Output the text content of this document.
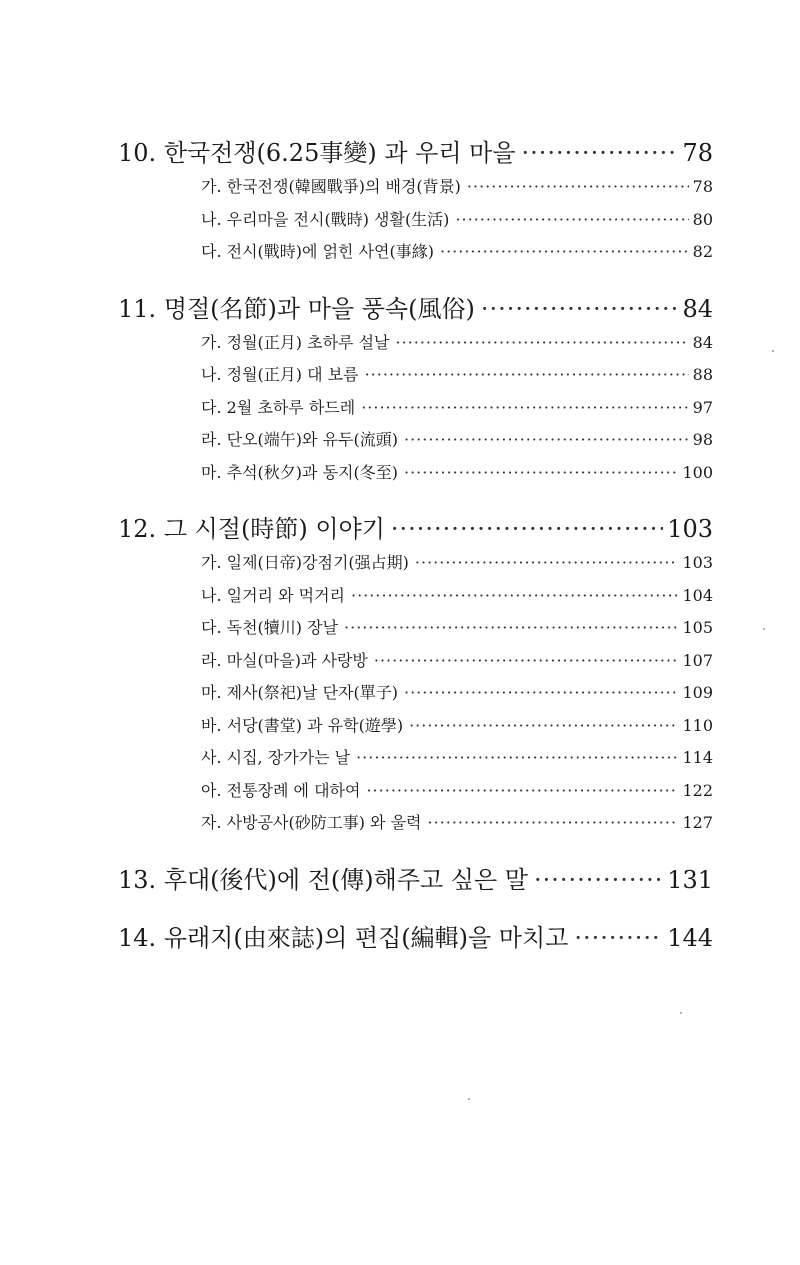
10. 한국전쟁(6.25事變) 과 우리 마을 ·····	78
가. 한국전쟁(韓國戰爭)의 배경(背景) ·····	78
나. 우리마을 전시(戰時) 생활(生活) ·····	80
다. 전시(戰時)에 얽힌 사연(事緣) ·····	82
11. 명절(名節)과 마을 풍속(風俗) ·····	84
가. 정월(正月) 초하루 설날 ·····	84
나. 정월(正月) 대 보름 ·····	88
다. 2월 초하루 하드레 ·····	97
라. 단오(端午)와 유두(流頭) ·····	98
마. 추석(秋夕)과 동지(冬至) ·····	100
12. 그 시절(時節) 이야기 ·····	103
가. 일제(日帝)강점기(强占期) ·····	103
나. 일거리 와 먹거리 ·····	104
다. 독천(犢川) 장날 ·····	105
라. 마실(마을)과 사랑방 ·····	107
마. 제사(祭祀)날 단자(單子) ·····	109
바. 서당(書堂) 과 유학(遊學) ·····	110
사. 시집, 장가가는 날 ·····	114
아. 전통장례 에 대하여 ·····	122
자. 사방공사(砂防工事) 와 울력 ·····	127
13. 후대(後代)에 전(傳)해주고 싶은 말 ·····	131
14. 유래지(由來誌)의 편집(編輯)을 마치고 ·····	144
